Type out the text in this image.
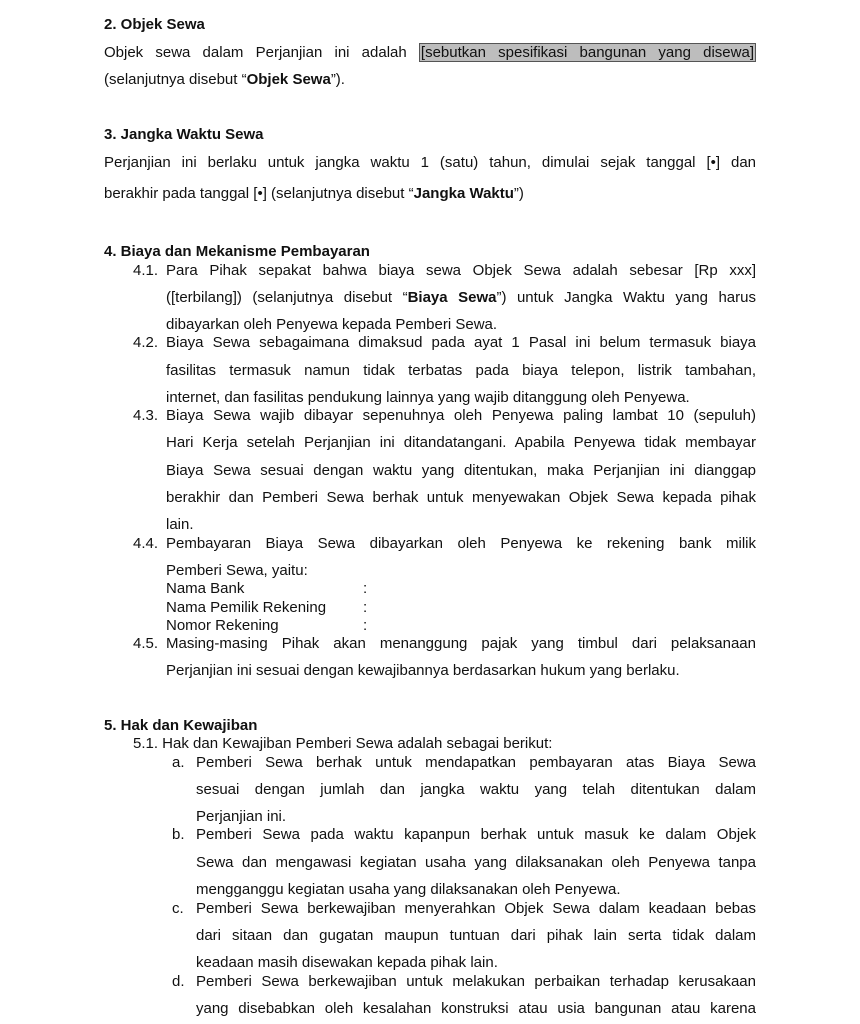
2. Objek Sewa
Objek sewa dalam Perjanjian ini adalah [sebutkan spesifikasi bangunan yang disewa]
(selanjutnya disebut “Objek Sewa”).
3. Jangka Waktu Sewa
Perjanjian ini berlaku untuk jangka waktu 1 (satu) tahun, dimulai sejak tanggal [•] dan
berakhir pada tanggal [•] (selanjutnya disebut “Jangka Waktu”)
4. Biaya dan Mekanisme Pembayaran
4.1. Para Pihak sepakat bahwa biaya sewa Objek Sewa adalah sebesar [Rp xxx]
([terbilang]) (selanjutnya disebut “Biaya Sewa”) untuk Jangka Waktu yang harus
dibayarkan oleh Penyewa kepada Pemberi Sewa.
4.2. Biaya Sewa sebagaimana dimaksud pada ayat 1 Pasal ini belum termasuk biaya
fasilitas termasuk namun tidak terbatas pada biaya telepon, listrik tambahan,
internet, dan fasilitas pendukung lainnya yang wajib ditanggung oleh Penyewa.
4.3. Biaya Sewa wajib dibayar sepenuhnya oleh Penyewa paling lambat 10 (sepuluh)
Hari Kerja setelah Perjanjian ini ditandatangani. Apabila Penyewa tidak membayar
Biaya Sewa sesuai dengan waktu yang ditentukan, maka Perjanjian ini dianggap
berakhir dan Pemberi Sewa berhak untuk menyewakan Objek Sewa kepada pihak
lain.
4.4. Pembayaran Biaya Sewa dibayarkan oleh Penyewa ke rekening bank milik
Pemberi Sewa, yaitu:
Nama Bank	:
Nama Pemilik Rekening :
Nomor Rekening	:
4.5. Masing-masing Pihak akan menanggung pajak yang timbul dari pelaksanaan
Perjanjian ini sesuai dengan kewajibannya berdasarkan hukum yang berlaku.
5. Hak dan Kewajiban
5.1. Hak dan Kewajiban Pemberi Sewa adalah sebagai berikut:
a. Pemberi Sewa berhak untuk mendapatkan pembayaran atas Biaya Sewa
sesuai dengan jumlah dan jangka waktu yang telah ditentukan dalam
Perjanjian ini.
b. Pemberi Sewa pada waktu kapanpun berhak untuk masuk ke dalam Objek
Sewa dan mengawasi kegiatan usaha yang dilaksanakan oleh Penyewa tanpa
mengganggu kegiatan usaha yang dilaksanakan oleh Penyewa.
c. Pemberi Sewa berkewajiban menyerahkan Objek Sewa dalam keadaan bebas
dari sitaan dan gugatan maupun tuntuan dari pihak lain serta tidak dalam
keadaan masih disewakan kepada pihak lain.
d. Pemberi Sewa berkewajiban untuk melakukan perbaikan terhadap kerusakaan
yang disebabkan oleh kesalahan konstruksi atau usia bangunan atau karena
